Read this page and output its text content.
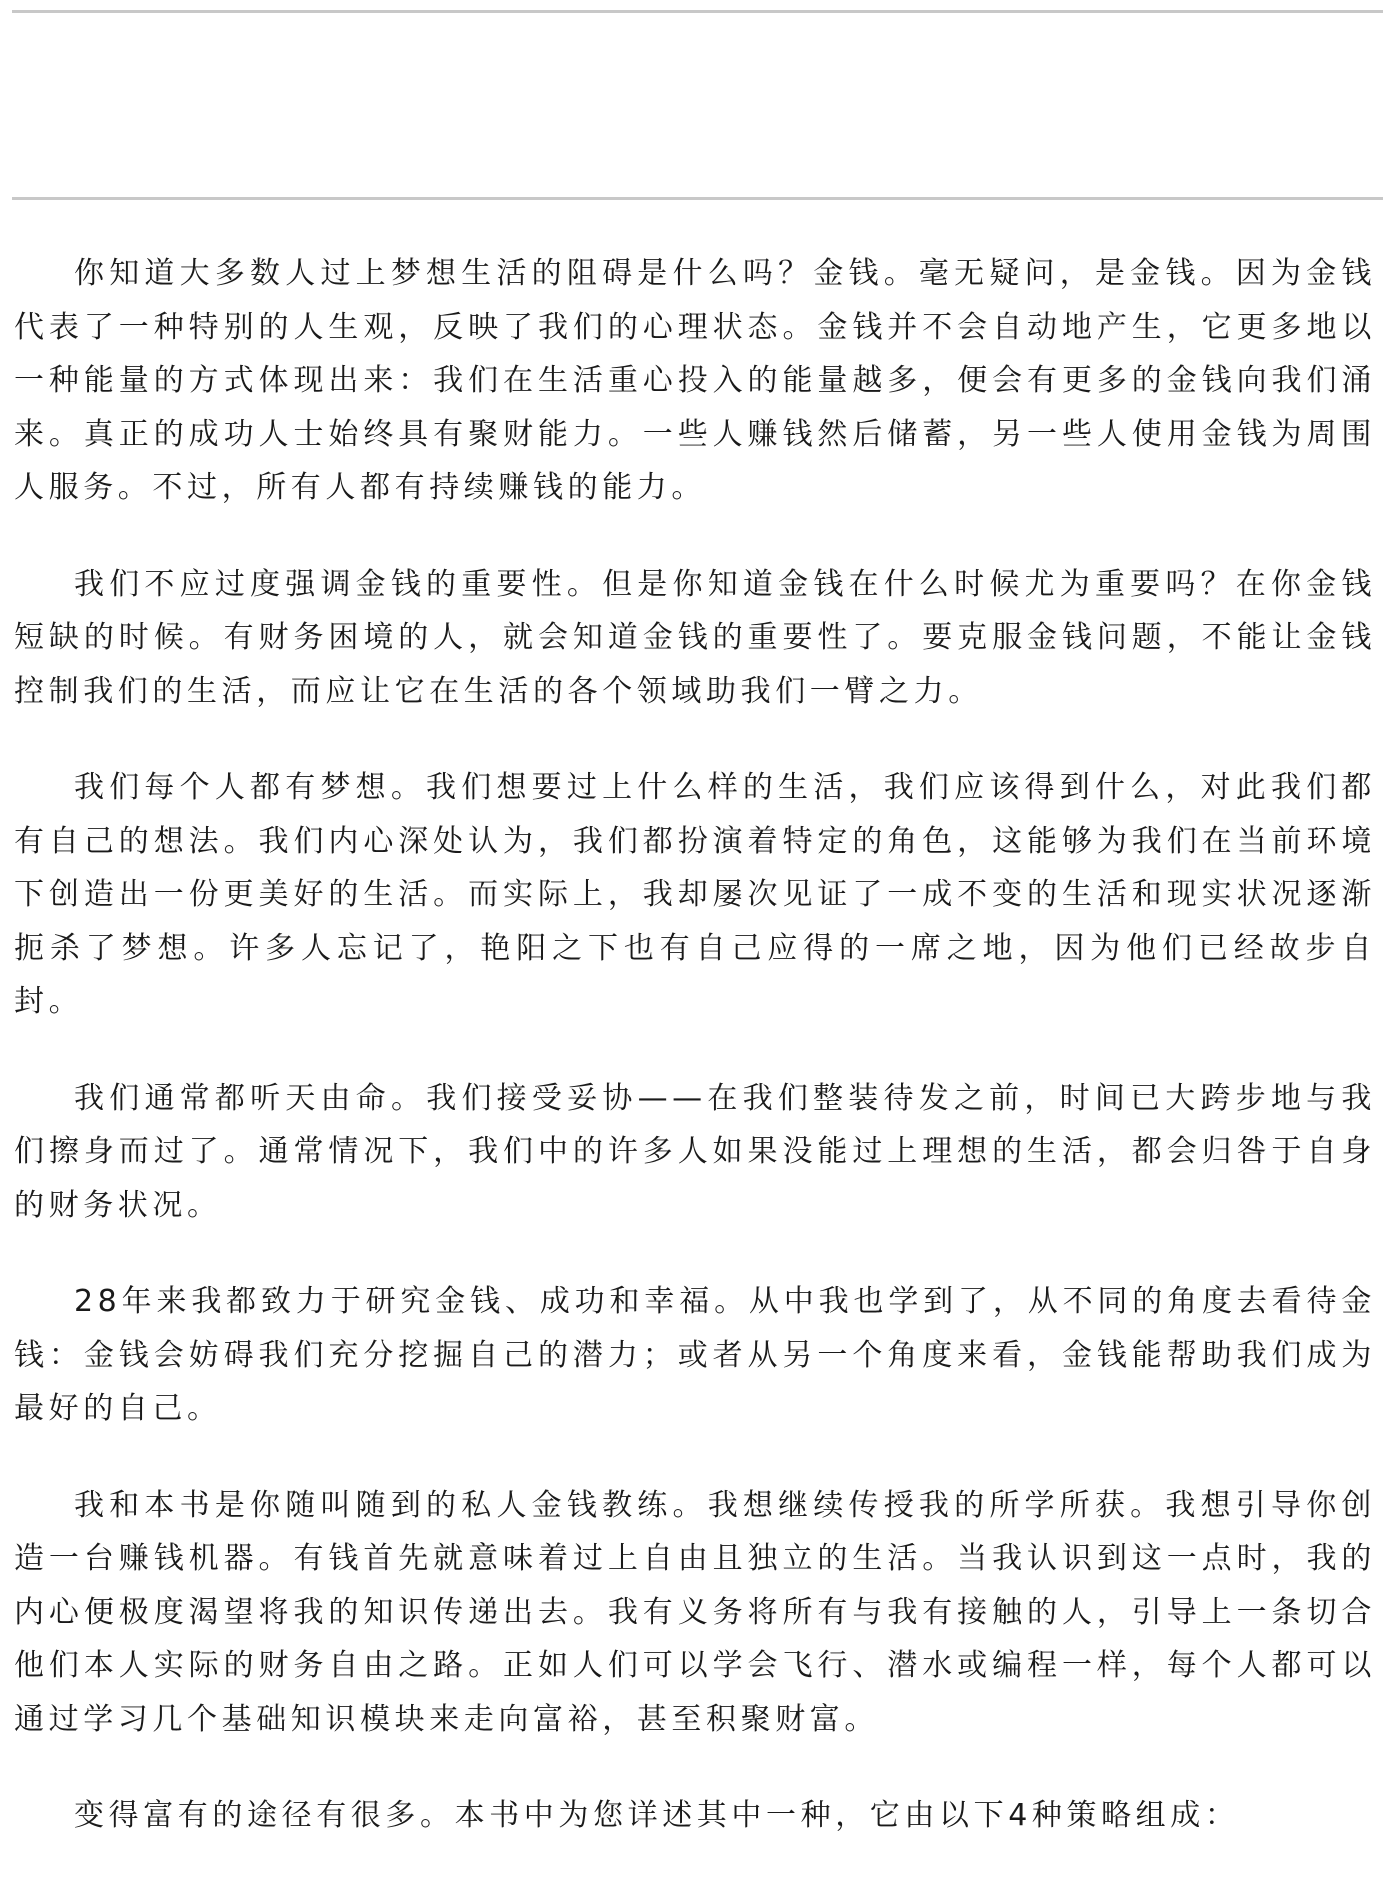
你知道大多数人过上梦想生活的阻碍是什么吗？金钱。毫无疑问，是金钱。因为金钱代表了一种特别的人生观，反映了我们的心理状态。金钱并不会自动地产生，它更多地以一种能量的方式体现出来：我们在生活重心投入的能量越多，便会有更多的金钱向我们涌来。真正的成功人士始终具有聚财能力。一些人赚钱然后储蓄，另一些人使用金钱为周围人服务。不过，所有人都有持续赚钱的能力。

我们不应过度强调金钱的重要性。但是你知道金钱在什么时候尤为重要吗？在你金钱短缺的时候。有财务困境的人，就会知道金钱的重要性了。要克服金钱问题，不能让金钱控制我们的生活，而应让它在生活的各个领域助我们一臂之力。

我们每个人都有梦想。我们想要过上什么样的生活，我们应该得到什么，对此我们都有自己的想法。我们内心深处认为，我们都扮演着特定的角色，这能够为我们在当前环境下创造出一份更美好的生活。而实际上，我却屡次见证了一成不变的生活和现实状况逐渐扼杀了梦想。许多人忘记了，艳阳之下也有自己应得的一席之地，因为他们已经故步自封。

我们通常都听天由命。我们接受妥协——在我们整装待发之前，时间已大跨步地与我们擦身而过了。通常情况下，我们中的许多人如果没能过上理想的生活，都会归咎于自身的财务状况。

28年来我都致力于研究金钱、成功和幸福。从中我也学到了，从不同的角度去看待金钱：金钱会妨碍我们充分挖掘自己的潜力；或者从另一个角度来看，金钱能帮助我们成为最好的自己。

我和本书是你随叫随到的私人金钱教练。我想继续传授我的所学所获。我想引导你创造一台赚钱机器。有钱首先就意味着过上自由且独立的生活。当我认识到这一点时，我的内心便极度渴望将我的知识传递出去。我有义务将所有与我有接触的人，引导上一条切合他们本人实际的财务自由之路。正如人们可以学会飞行、潜水或编程一样，每个人都可以通过学习几个基础知识模块来走向富裕，甚至积聚财富。

变得富有的途径有很多。本书中为您详述其中一种，它由以下4种策略组成：
